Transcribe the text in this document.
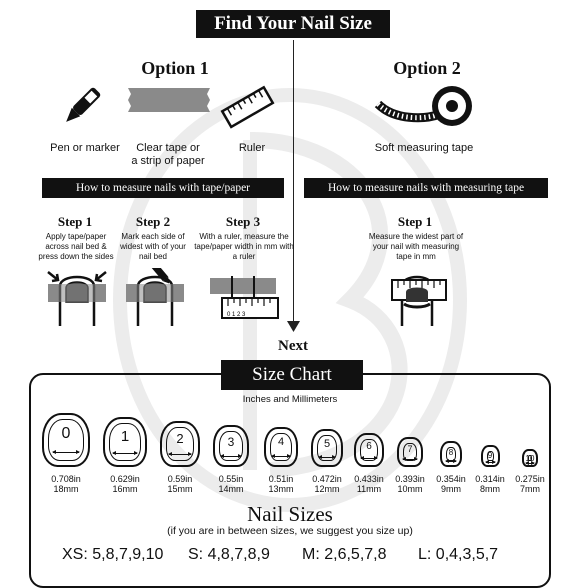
Find Your Nail Size
Next
Option 1	Option 2
Pen or marker	Clear tape or
a strip of paper
Ruler	Soft measuring tape
How to measure nails with tape/paper	How to measure nails with measuring tape
Step 1
Apply tape/paper across nail bed & press down the sides
Step 2
Mark each side of widest with of your nail bed
Step 3
With a ruler, measure the tape/paper width in mm with a ruler
Step 1
Measure the widest part of your nail with measuring tape in mm
0 1 2 3
Size Chart
Inches and Millimeters
0
0.708in
18mm
1
0.629in
16mm
2
0.59in
15mm
3
0.55in
14mm
4
0.51in
13mm
5
0.472in
12mm
6
0.433in
11mm
7
0.393in
10mm
8
0.354in
9mm
9
0.314in
8mm
10
0.275in
7mm
Nail Sizes
(if you are in between sizes, we suggest you size up)
XS: 5,8,7,9,10 S: 4,8,7,8,9 M: 2,6,5,7,8 L: 0,4,3,5,7
